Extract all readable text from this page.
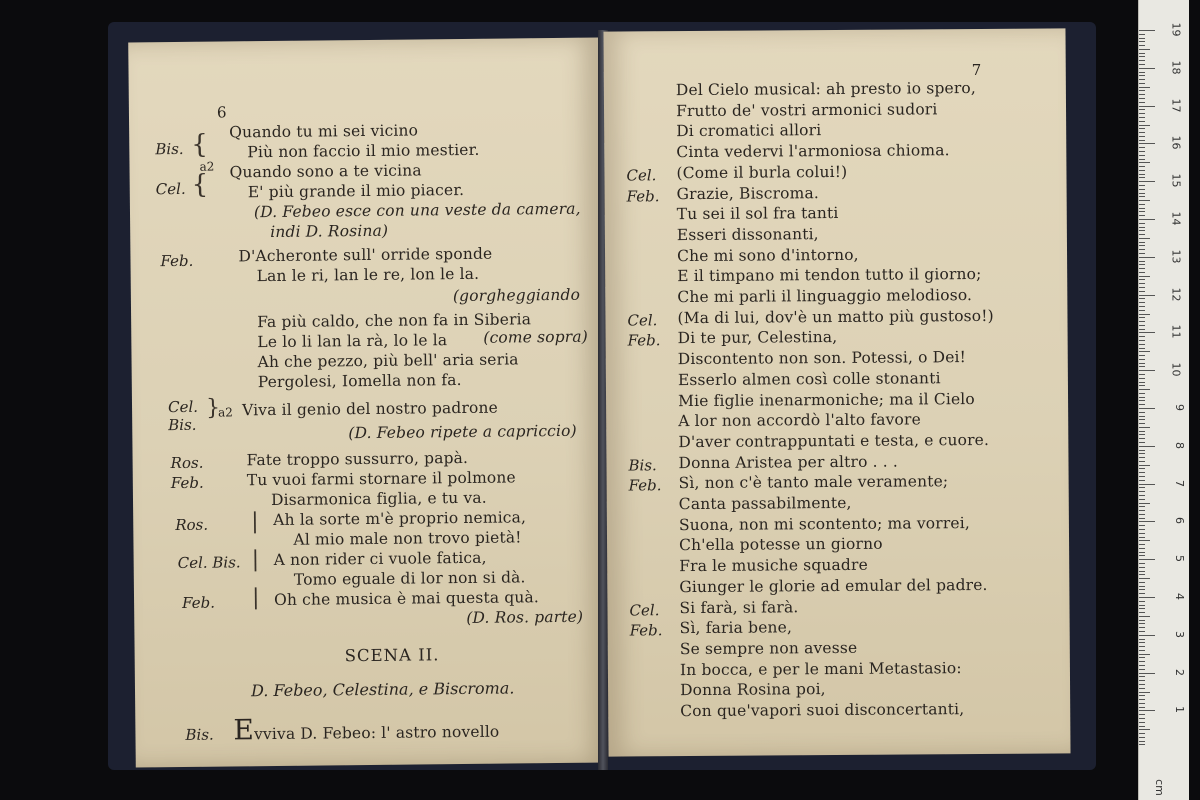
6
Bis. {
a2
Cel. {
Quando tu mi sei vicino
Più non faccio il mio mestier.
Quando sono a te vicina
E' più grande il mio piacer.
(D. Febeo esce con una veste da camera,
indi D. Rosina)
Feb.	D'Acheronte sull' orride sponde
Lan le ri, lan le re, lon le la.
(gorgheggiando
Fa più caldo, che non fa in Siberia
Le lo li lan la rà, lo le la (come sopra)
Ah che pezzo, più bell' aria seria
Pergolesi, Iomella non fa.
Cel.
Bis.
}
a2 Viva il genio del nostro padrone
(D. Febeo ripete a capriccio)
Ros.	Fate troppo sussurro, papà.
Feb.	Tu vuoi farmi stornare il polmone
Disarmonica figlia, e tu va.
Ros. | Ah la sorte m'è proprio nemica,
Al mio male non trovo pietà!
Cel. Bis. | A non rider ci vuole fatica,
Tomo eguale di lor non si dà.
Feb. | Oh che musica è mai questa quà.
(D. Ros. parte)
SCENA II.
D. Febeo, Celestina, e Biscroma.
Bis. Evviva D. Febeo: l' astro novello
7
Del Cielo musical: ah presto io spero,
Frutto de' vostri armonici sudori
Di cromatici allori
Cinta vedervi l'armoniosa chioma.
Cel. (Come il burla colui!)
Feb. Grazie, Biscroma.
Tu sei il sol fra tanti
Esseri dissonanti,
Che mi sono d'intorno,
E il timpano mi tendon tutto il giorno;
Che mi parli il linguaggio melodioso.
Cel. (Ma di lui, dov'è un matto più gustoso!)
Feb. Di te pur, Celestina,
Discontento non son. Potessi, o Dei!
Esserlo almen così colle stonanti
Mie figlie inenarmoniche; ma il Cielo
A lor non accordò l'alto favore
D'aver contrappuntati e testa, e cuore.
Bis. Donna Aristea per altro . . .
Feb. Sì, non c'è tanto male veramente;
Canta passabilmente,
Suona, non mi scontento; ma vorrei,
Ch'ella potesse un giorno
Fra le musiche squadre
Giunger le glorie ad emular del padre.
Cel. Si farà, si farà.
Feb. Sì, faria bene,
Se sempre non avesse
In bocca, e per le mani Metastasio:
Donna Rosina poi,
Con que'vapori suoi disconcertanti,
19
18
17
16
15
14
13
12
11
10
9
8
7
6
5
4
3
2
1
cm
